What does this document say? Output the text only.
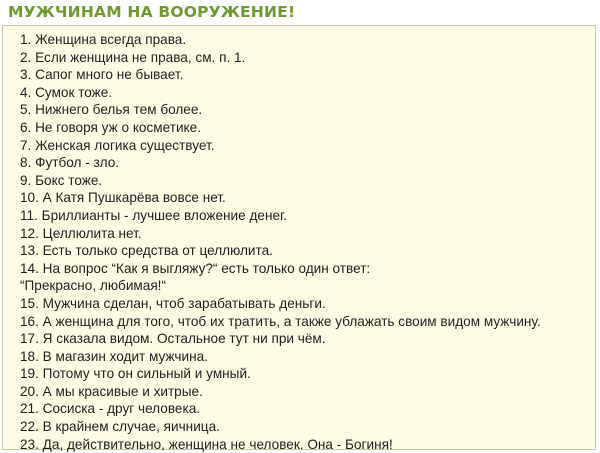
МУЖЧИНАМ НА ВООРУЖЕНИЕ!
1. Женщина всегда права.
2. Если женщина не права, см. п. 1.
3. Сапог много не бывает.
4. Сумок тоже.
5. Нижнего белья тем более.
6. Не говоря уж о косметике.
7. Женская логика существует.
8. Футбол - зло.
9. Бокс тоже.
10. А Катя Пушкарёва вовсе нет.
11. Бриллианты - лучшее вложение денег.
12. Целлюлита нет.
13. Есть только средства от целлюлита.
14. На вопрос “Как я выгляжу?“ есть только один ответ:
“Прекрасно, любимая!“
15. Мужчина сделан, чтоб зарабатывать деньги.
16. А женщина для того, чтоб их тратить, а также ублажать своим видом мужчину.
17. Я сказала видом. Остальное тут ни при чём.
18. В магазин ходит мужчина.
19. Потому что он сильный и умный.
20. А мы красивые и хитрые.
21. Сосиска - друг человека.
22. В крайнем случае, яичница.
23. Да, действительно, женщина не человек. Она - Богиня!
